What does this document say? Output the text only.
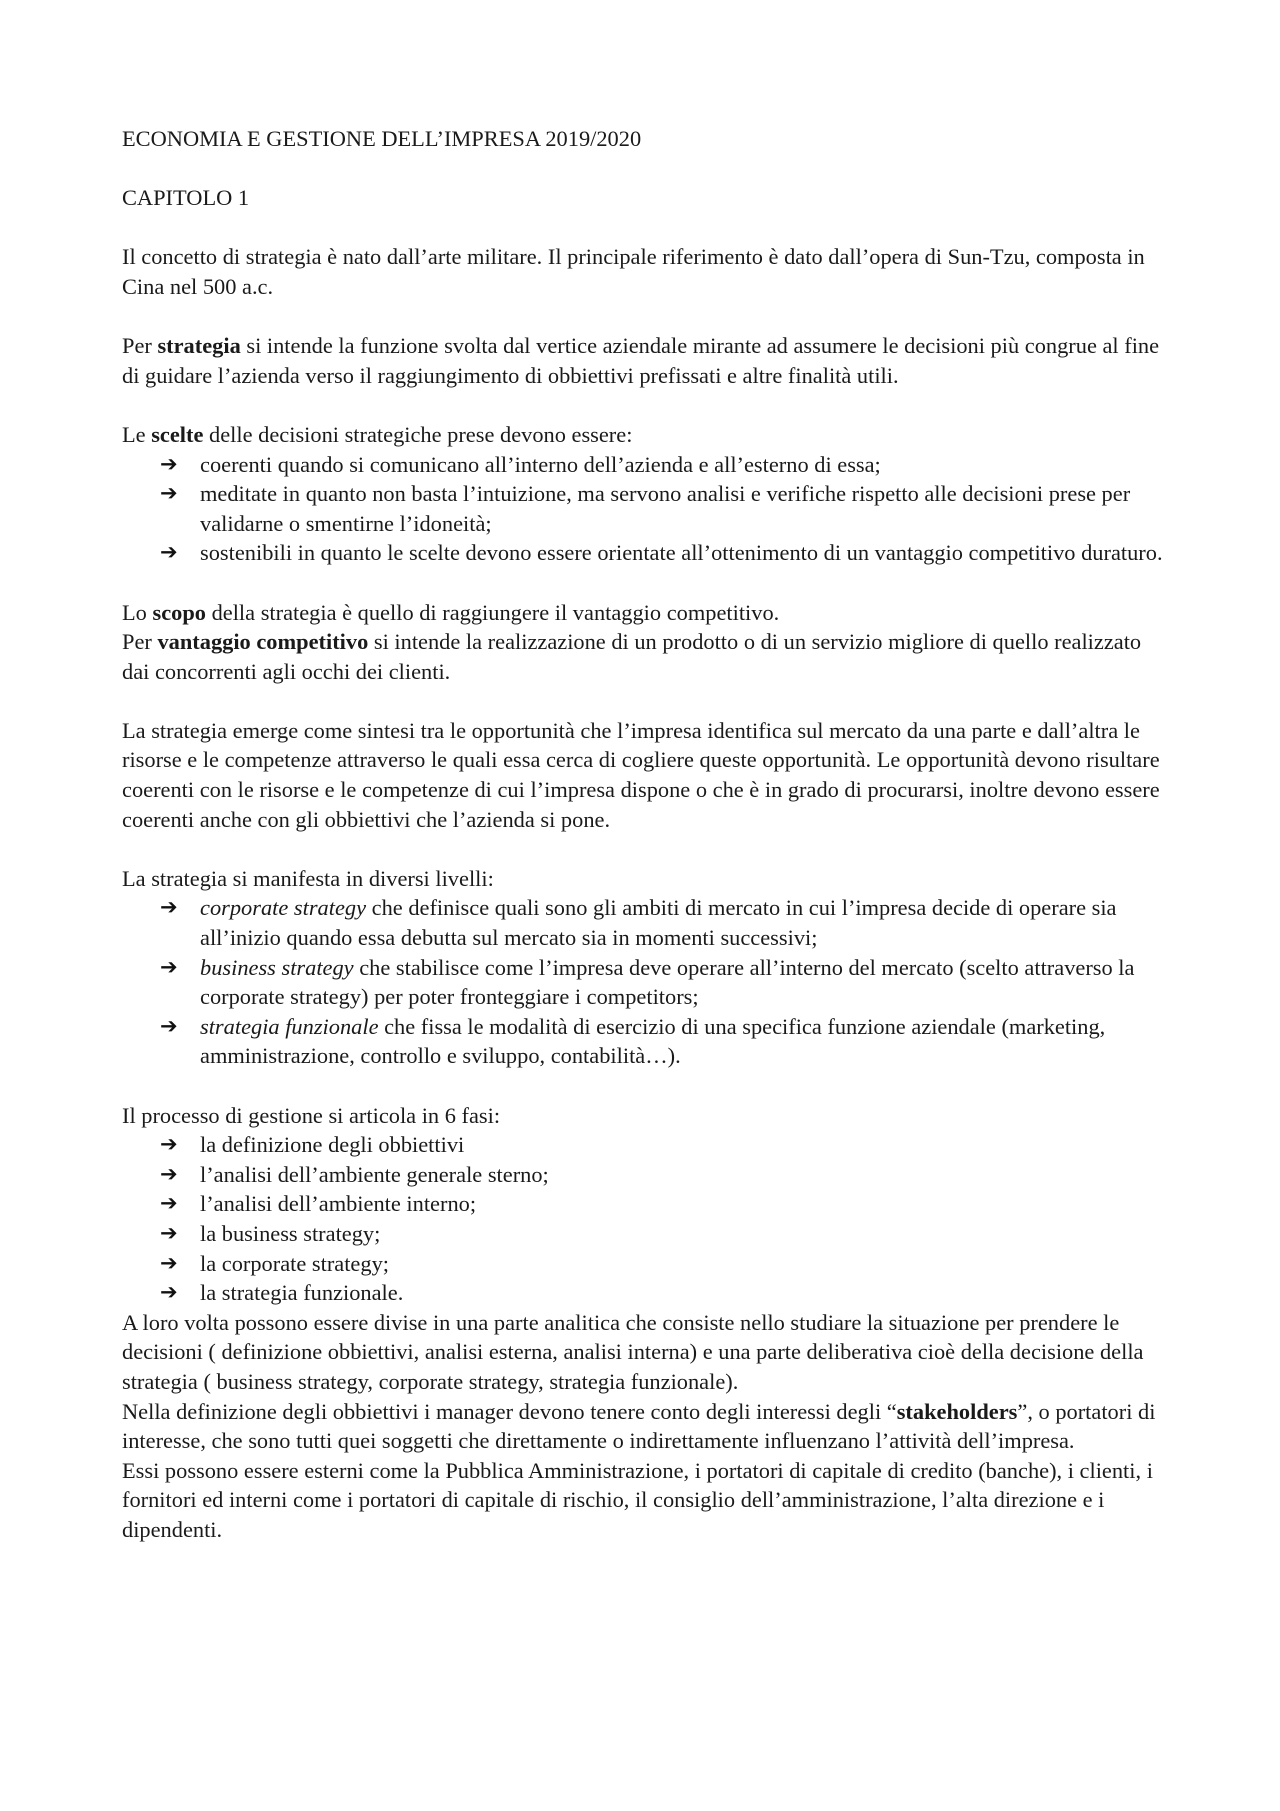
ECONOMIA E GESTIONE DELL’IMPRESA 2019/2020

CAPITOLO 1

Il concetto di strategia è nato dall’arte militare. Il principale riferimento è dato dall’opera di Sun-Tzu, composta in Cina nel 500 a.c.

Per strategia si intende la funzione svolta dal vertice aziendale mirante ad assumere le decisioni più congrue al fine di guidare l’azienda verso il raggiungimento di obbiettivi prefissati e altre finalità utili.

Le scelte delle decisioni strategiche prese devono essere:

➔ coerenti quando si comunicano all’interno dell’azienda e all’esterno di essa;
➔ meditate in quanto non basta l’intuizione, ma servono analisi e verifiche rispetto alle decisioni prese per validarne o smentirne l’idoneità;
➔ sostenibili in quanto le scelte devono essere orientate all’ottenimento di un vantaggio competitivo duraturo.

Lo scopo della strategia è quello di raggiungere il vantaggio competitivo.

Per vantaggio competitivo si intende la realizzazione di un prodotto o di un servizio migliore di quello realizzato dai concorrenti agli occhi dei clienti.

La strategia emerge come sintesi tra le opportunità che l’impresa identifica sul mercato da una parte e dall’altra le risorse e le competenze attraverso le quali essa cerca di cogliere queste opportunità. Le opportunità devono risultare coerenti con le risorse e le competenze di cui l’impresa dispone o che è in grado di procurarsi, inoltre devono essere coerenti anche con gli obbiettivi che l’azienda si pone.

La strategia si manifesta in diversi livelli:

➔ corporate strategy che definisce quali sono gli ambiti di mercato in cui l’impresa decide di operare sia all’inizio quando essa debutta sul mercato sia in momenti successivi;
➔ business strategy che stabilisce come l’impresa deve operare all’interno del mercato (scelto attraverso la corporate strategy) per poter fronteggiare i competitors;
➔ strategia funzionale che fissa le modalità di esercizio di una specifica funzione aziendale (marketing, amministrazione, controllo e sviluppo, contabilità…).

Il processo di gestione si articola in 6 fasi:

➔ la definizione degli obbiettivi
➔ l’analisi dell’ambiente generale sterno;
➔ l’analisi dell’ambiente interno;
➔ la business strategy;
➔ la corporate strategy;
➔ la strategia funzionale.

A loro volta possono essere divise in una parte analitica che consiste nello studiare la situazione per prendere le decisioni ( definizione obbiettivi, analisi esterna, analisi interna) e una parte deliberativa cioè della decisione della strategia ( business strategy, corporate strategy, strategia funzionale).

Nella definizione degli obbiettivi i manager devono tenere conto degli interessi degli “stakeholders”, o portatori di interesse, che sono tutti quei soggetti che direttamente o indirettamente influenzano l’attività dell’impresa.

Essi possono essere esterni come la Pubblica Amministrazione, i portatori di capitale di credito (banche), i clienti, i fornitori ed interni come i portatori di capitale di rischio, il consiglio dell’amministrazione, l’alta direzione e i dipendenti.
